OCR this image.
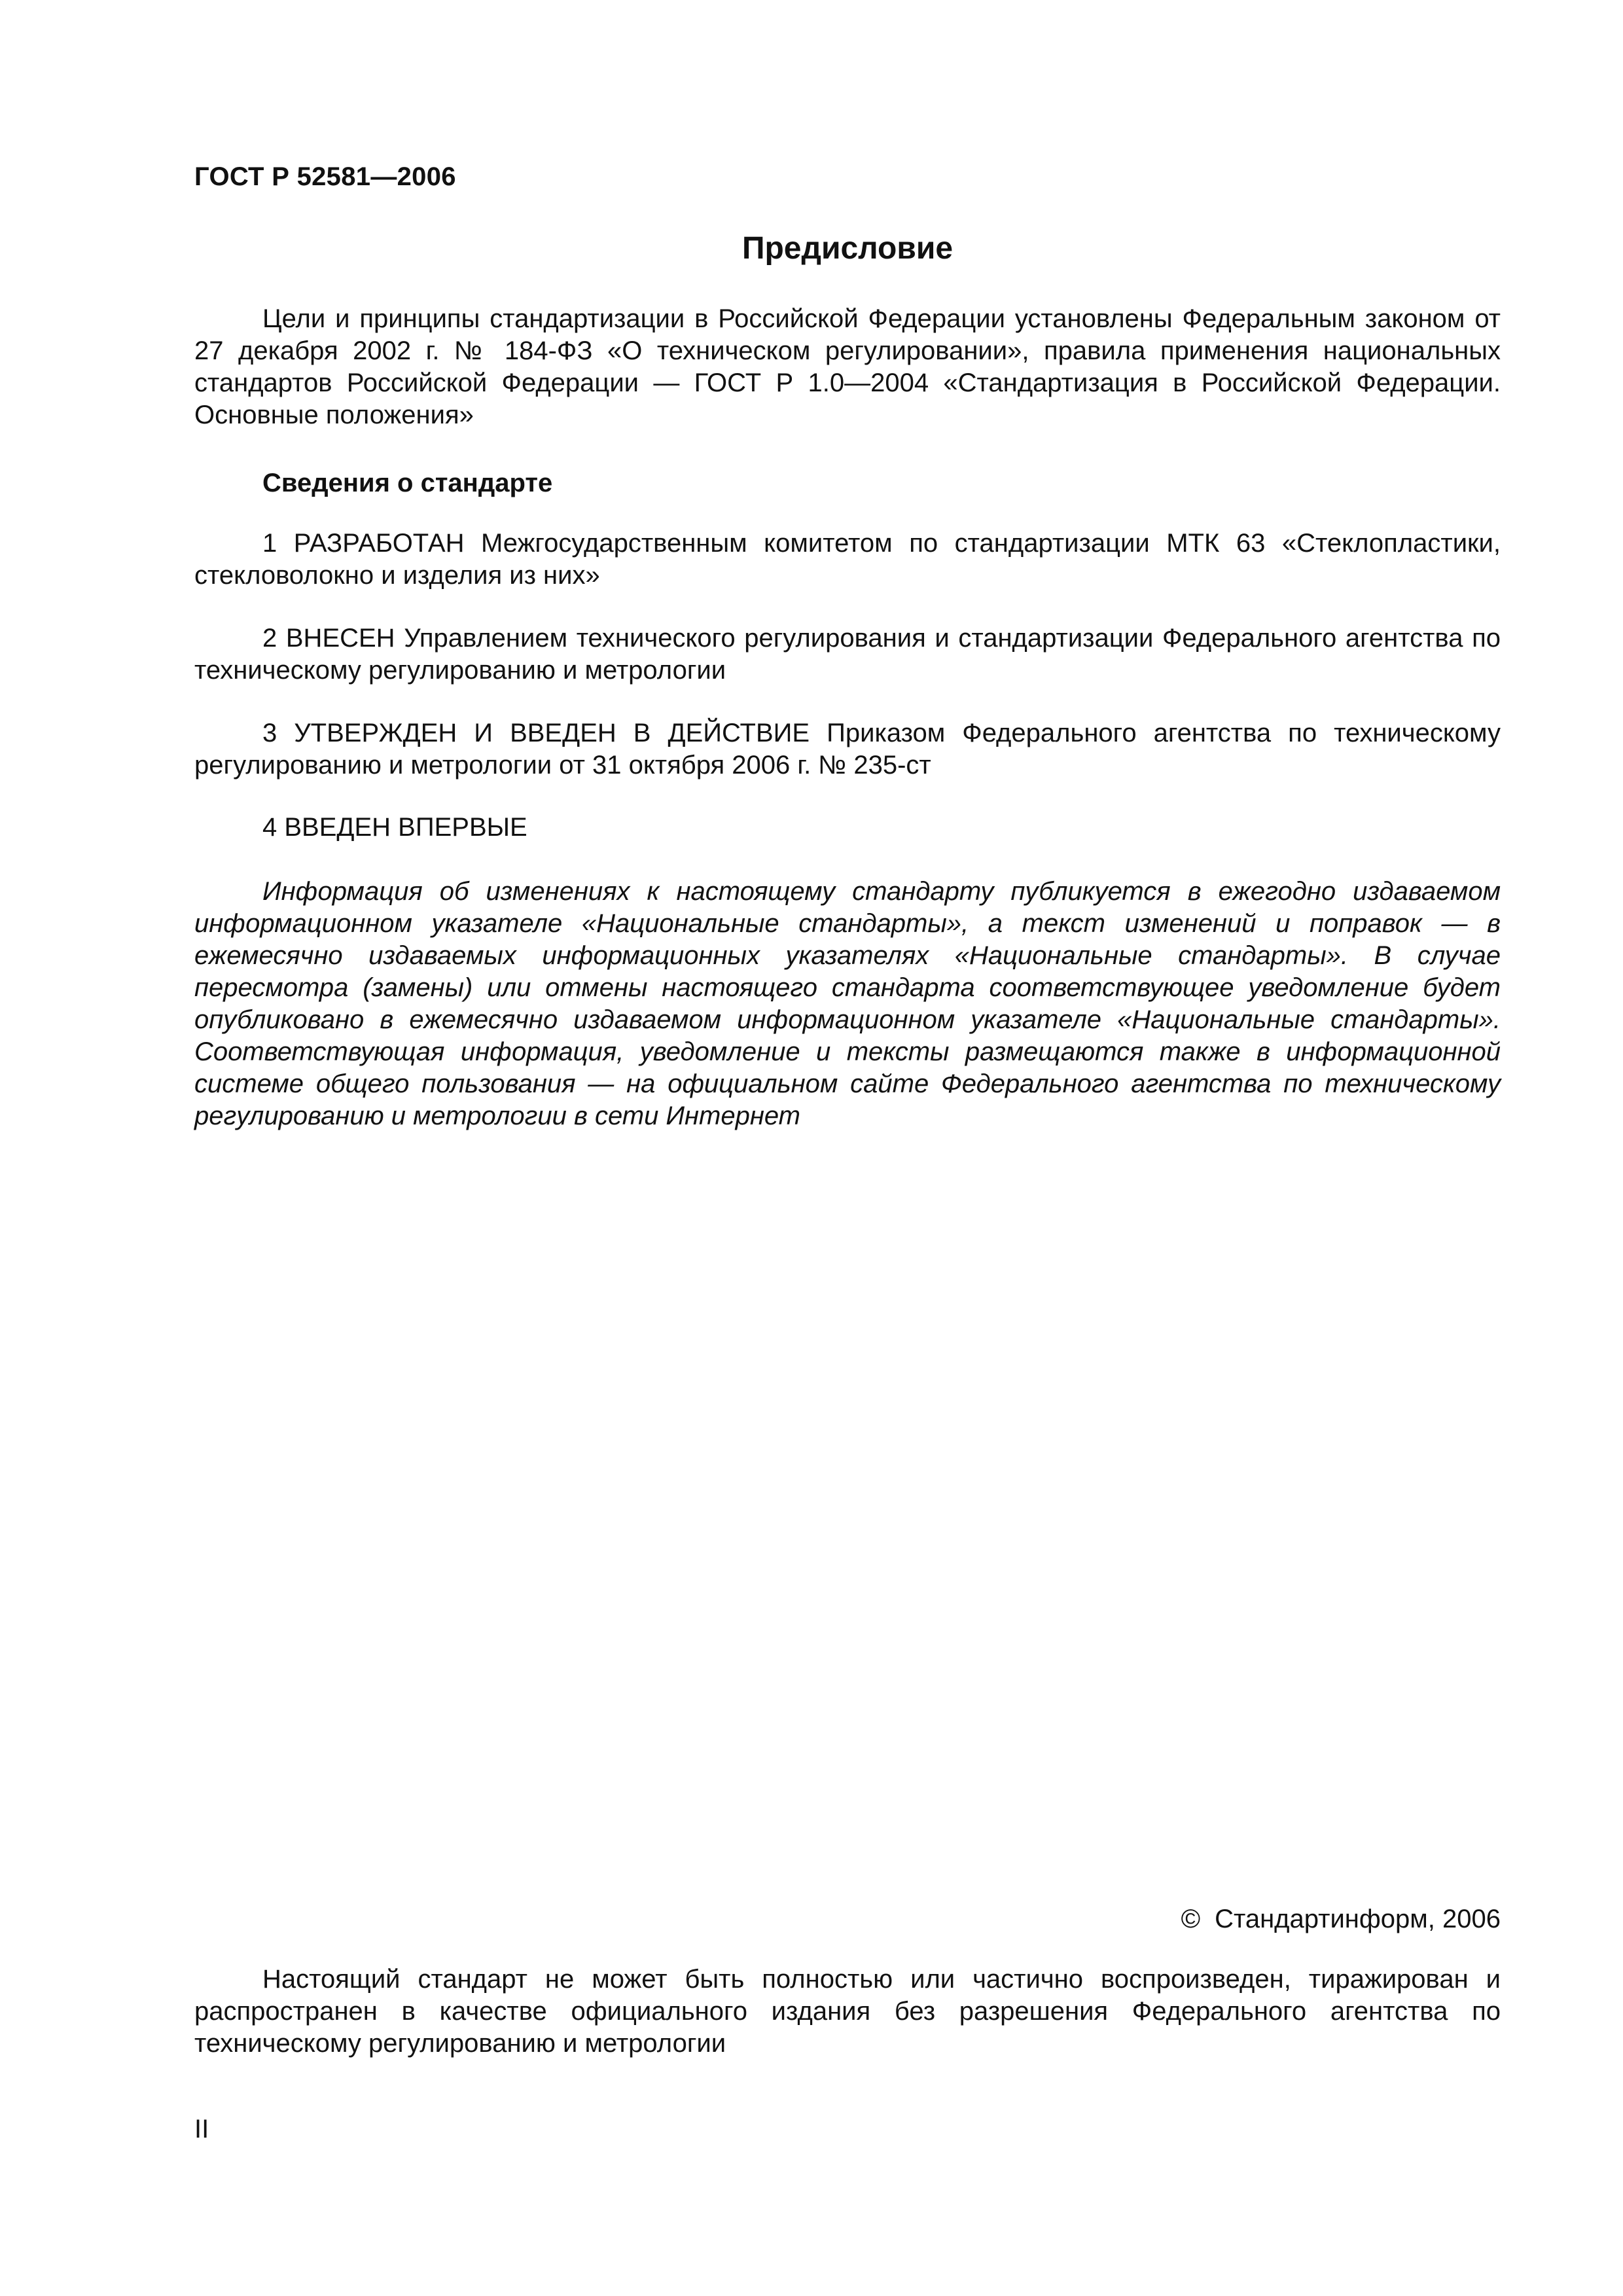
ГОСТ Р 52581—2006
Предисловие

Цели и принципы стандартизации в Российской Федерации установлены Федеральным законом от 27 декабря 2002 г. № 184-ФЗ «О техническом регулировании», правила применения национальных стандартов Российской Федерации — ГОСТ Р 1.0—2004 «Стандартизация в Российской Федерации. Основные положения»

Сведения о стандарте

1 РАЗРАБОТАН Межгосударственным комитетом по стандартизации МТК 63 «Стеклопластики, стекловолокно и изделия из них»

2 ВНЕСЕН Управлением технического регулирования и стандартизации Федерального агентства по техническому регулированию и метрологии

3 УТВЕРЖДЕН И ВВЕДЕН В ДЕЙСТВИЕ Приказом Федерального агентства по техническому регулированию и метрологии от 31 октября 2006 г. № 235-ст

4 ВВЕДЕН ВПЕРВЫЕ

Информация об изменениях к настоящему стандарту публикуется в ежегодно издаваемом информационном указателе «Национальные стандарты», а текст изменений и поправок — в ежемесячно издаваемых информационных указателях «Национальные стандарты». В случае пересмотра (замены) или отмены настоящего стандарта соответствующее уведомление будет опубликовано в ежемесячно издаваемом информационном указателе «Национальные стандарты». Соответствующая информация, уведомление и тексты размещаются также в информационной системе общего пользования — на официальном сайте Федерального агентства по техническому регулированию и метрологии в сети Интернет

© Стандартинформ, 2006

Настоящий стандарт не может быть полностью или частично воспроизведен, тиражирован и распространен в качестве официального издания без разрешения Федерального агентства по техническому регулированию и метрологии

II
